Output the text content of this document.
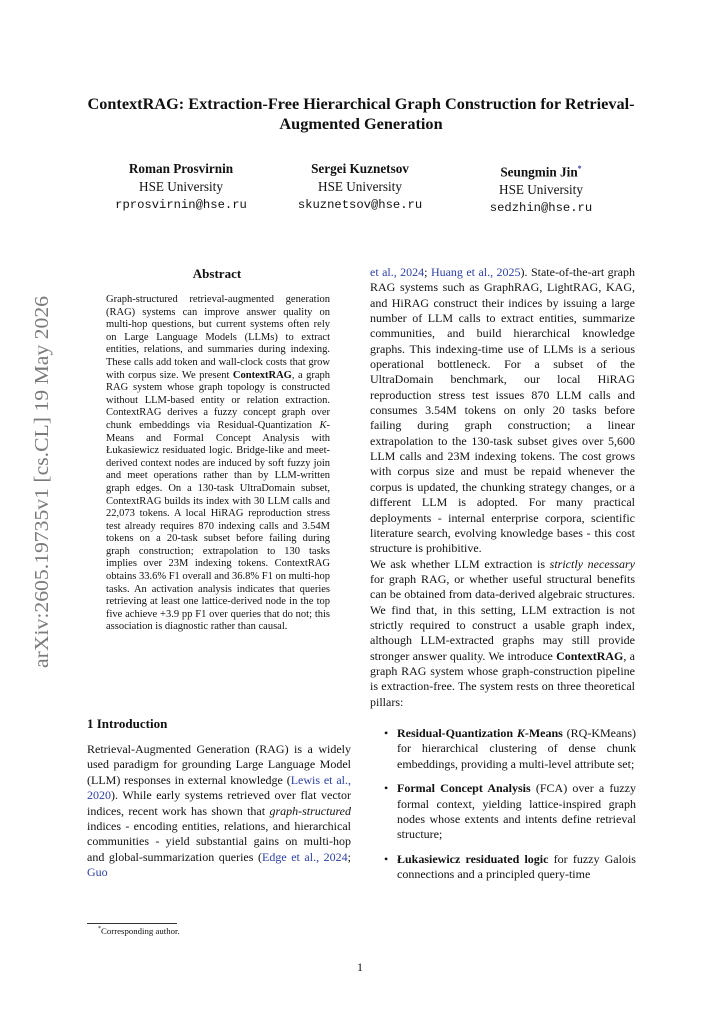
arXiv:2605.19735v1 [cs.CL] 19 May 2026
ContextRAG: Extraction-Free Hierarchical Graph Construction for Retrieval-Augmented Generation
Roman Prosvirnin
HSE University
rprosvirnin@hse.ru
Sergei Kuznetsov
HSE University
skuznetsov@hse.ru
Seungmin Jin*
HSE University
sedzhin@hse.ru
Abstract
Graph-structured retrieval-augmented generation (RAG) systems can improve answer quality on multi-hop questions, but current systems often rely on Large Language Models (LLMs) to extract entities, relations, and summaries during indexing. These calls add token and wall-clock costs that grow with corpus size. We present ContextRAG, a graph RAG system whose graph topology is constructed without LLM-based entity or relation extraction. ContextRAG derives a fuzzy concept graph over chunk embeddings via Residual-Quantization K-Means and Formal Concept Analysis with Łukasiewicz residuated logic. Bridge-like and meet-derived context nodes are induced by soft fuzzy join and meet operations rather than by LLM-written graph edges. On a 130-task UltraDomain subset, ContextRAG builds its index with 30 LLM calls and 22,073 tokens. A local HiRAG reproduction stress test already requires 870 indexing calls and 3.54M tokens on a 20-task subset before failing during graph construction; extrapolation to 130 tasks implies over 23M indexing tokens. ContextRAG obtains 33.6% F1 overall and 36.8% F1 on multi-hop tasks. An activation analysis indicates that queries retrieving at least one lattice-derived node in the top five achieve +3.9 pp F1 over queries that do not; this association is diagnostic rather than causal.
1 Introduction
Retrieval-Augmented Generation (RAG) is a widely used paradigm for grounding Large Language Model (LLM) responses in external knowledge (Lewis et al., 2020). While early systems retrieved over flat vector indices, recent work has shown that graph-structured indices - encoding entities, relations, and hierarchical communities - yield substantial gains on multi-hop and global-summarization queries (Edge et al., 2024; Guo
et al., 2024; Huang et al., 2025). State-of-the-art graph RAG systems such as GraphRAG, LightRAG, KAG, and HiRAG construct their indices by issuing a large number of LLM calls to extract entities, summarize communities, and build hierarchical knowledge graphs. This indexing-time use of LLMs is a serious operational bottleneck. For a subset of the UltraDomain benchmark, our local HiRAG reproduction stress test issues 870 LLM calls and consumes 3.54M tokens on only 20 tasks before failing during graph construction; a linear extrapolation to the 130-task subset gives over 5,600 LLM calls and 23M indexing tokens. The cost grows with corpus size and must be repaid whenever the corpus is updated, the chunking strategy changes, or a different LLM is adopted. For many practical deployments - internal enterprise corpora, scientific literature search, evolving knowledge bases - this cost structure is prohibitive.
We ask whether LLM extraction is strictly necessary for graph RAG, or whether useful structural benefits can be obtained from data-derived algebraic structures. We find that, in this setting, LLM extraction is not strictly required to construct a usable graph index, although LLM-extracted graphs may still provide stronger answer quality. We introduce ContextRAG, a graph RAG system whose graph-construction pipeline is extraction-free. The system rests on three theoretical pillars:
• Residual-Quantization K-Means (RQ-KMeans) for hierarchical clustering of dense chunk embeddings, providing a multi-level attribute set;
• Formal Concept Analysis (FCA) over a fuzzy formal context, yielding lattice-inspired graph nodes whose extents and intents define retrieval structure;
• Łukasiewicz residuated logic for fuzzy Galois connections and a principled query-time
*Corresponding author.
1
